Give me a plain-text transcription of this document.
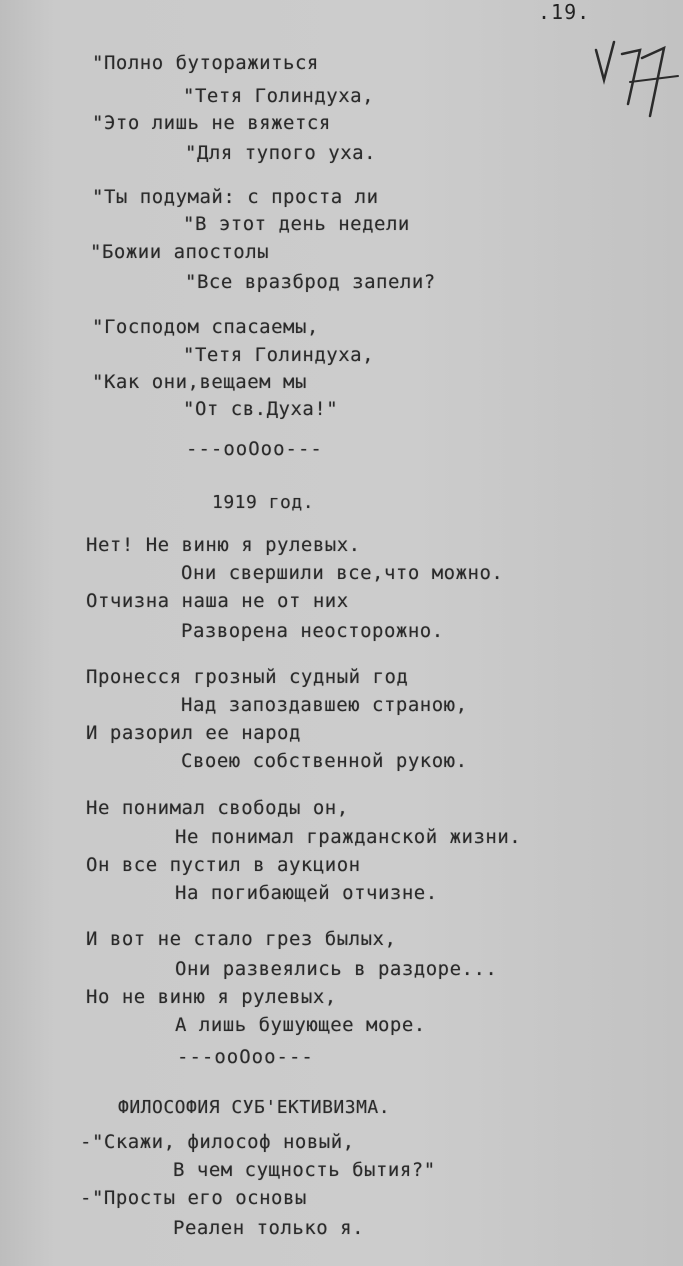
.19.
"Полно буторажиться
"Тетя Голиндуха,
"Это лишь не вяжется
"Для тупого уха.
"Ты подумай: с проста ли
"В этот день недели
"Божии апостолы
"Все вразброд запели?
"Господом спасаемы,
"Тетя Голиндуха,
"Как они,вещаем мы
"От св.Духа!"
---ооОоо---
1919 год.
Нет! Не виню я рулевых.
Они свершили все,что можно.
Отчизна наша не от них
Разворена неосторожно.
Пронесся грозный судный год
Над запоздавшею страною,
И разорил ее народ
Своею собственной рукою.
Не понимал свободы он,
Не понимал гражданской жизни.
Он все пустил в аукцион
На погибающей отчизне.
И вот не стало грез былых,
Они развеялись в раздоре...
Но не виню я рулевых,
А лишь бушующее море.
---ооОоо---
ФИЛОСОФИЯ СУБ'ЕКТИВИЗМА.
-"Скажи, философ новый,
В чем сущность бытия?"
-"Просты его основы
Реален только я.
